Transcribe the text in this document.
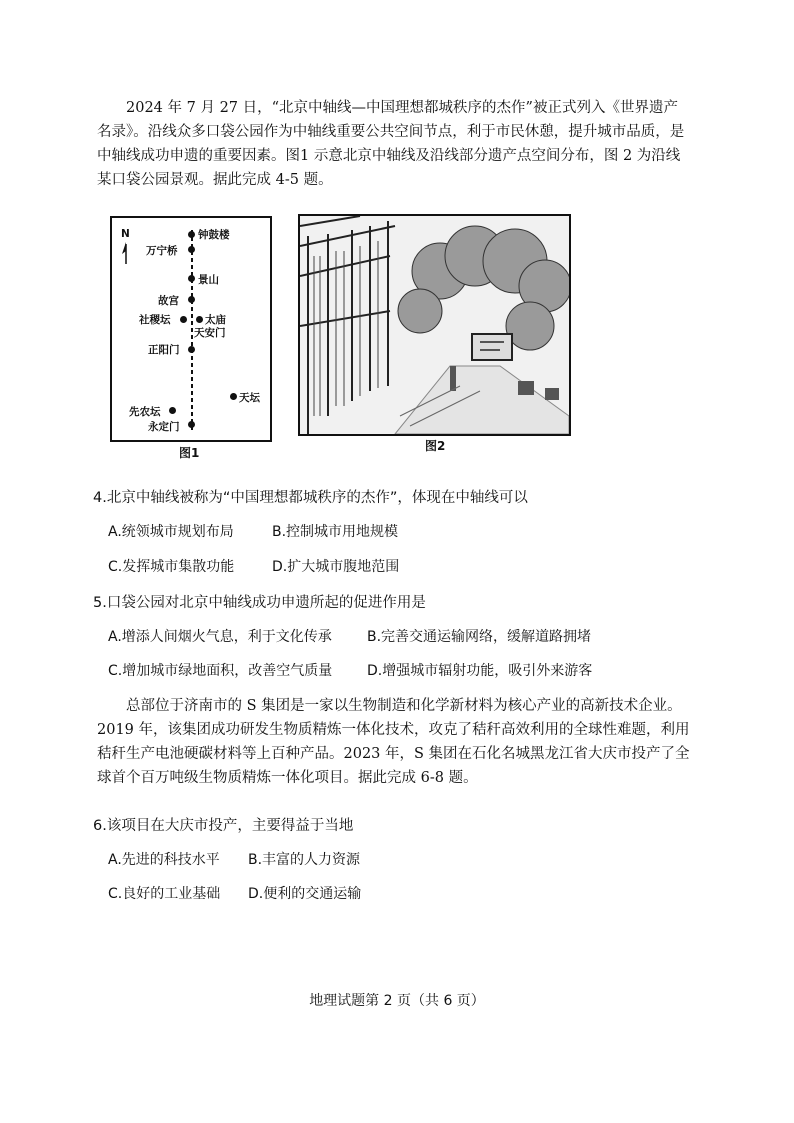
2024 年 7 月 27 日，“北京中轴线—中国理想都城秩序的杰作”被正式列入《世界遗产

名录》。沿线众多口袋公园作为中轴线重要公共空间节点，利于市民休憩，提升城市品质，是

中轴线成功申遗的重要因素。图1 示意北京中轴线及沿线部分遗产点空间分布，图 2 为沿线

某口袋公园景观。据此完成 4-5 题。

N	钟鼓楼
万宁桥
景山
故宫
社稷坛	太庙
天安门
正阳门
天坛
先农坛
永定门
图1	图2
4.北京中轴线被称为“中国理想都城秩序的杰作”，体现在中轴线可以
A.统领城市规划布局	B.控制城市用地规模
C.发挥城市集散功能	D.扩大城市腹地范围
5.口袋公园对北京中轴线成功申遗所起的促进作用是
A.增添人间烟火气息，利于文化传承	B.完善交通运输网络，缓解道路拥堵
C.增加城市绿地面积，改善空气质量 D.增强城市辐射功能，吸引外来游客

总部位于济南市的 S 集团是一家以生物制造和化学新材料为核心产业的高新技术企业。

2019 年，该集团成功研发生物质精炼一体化技术，攻克了秸秆高效利用的全球性难题，利用

秸秆生产电池硬碳材料等上百种产品。2023 年，S 集团在石化名城黑龙江省大庆市投产了全

球首个百万吨级生物质精炼一体化项目。据此完成 6-8 题。

6.该项目在大庆市投产，主要得益于当地
A.先进的科技水平 B.丰富的人力资源
C.良好的工业基础 D.便利的交通运输
地理试题第 2 页（共 6 页）
